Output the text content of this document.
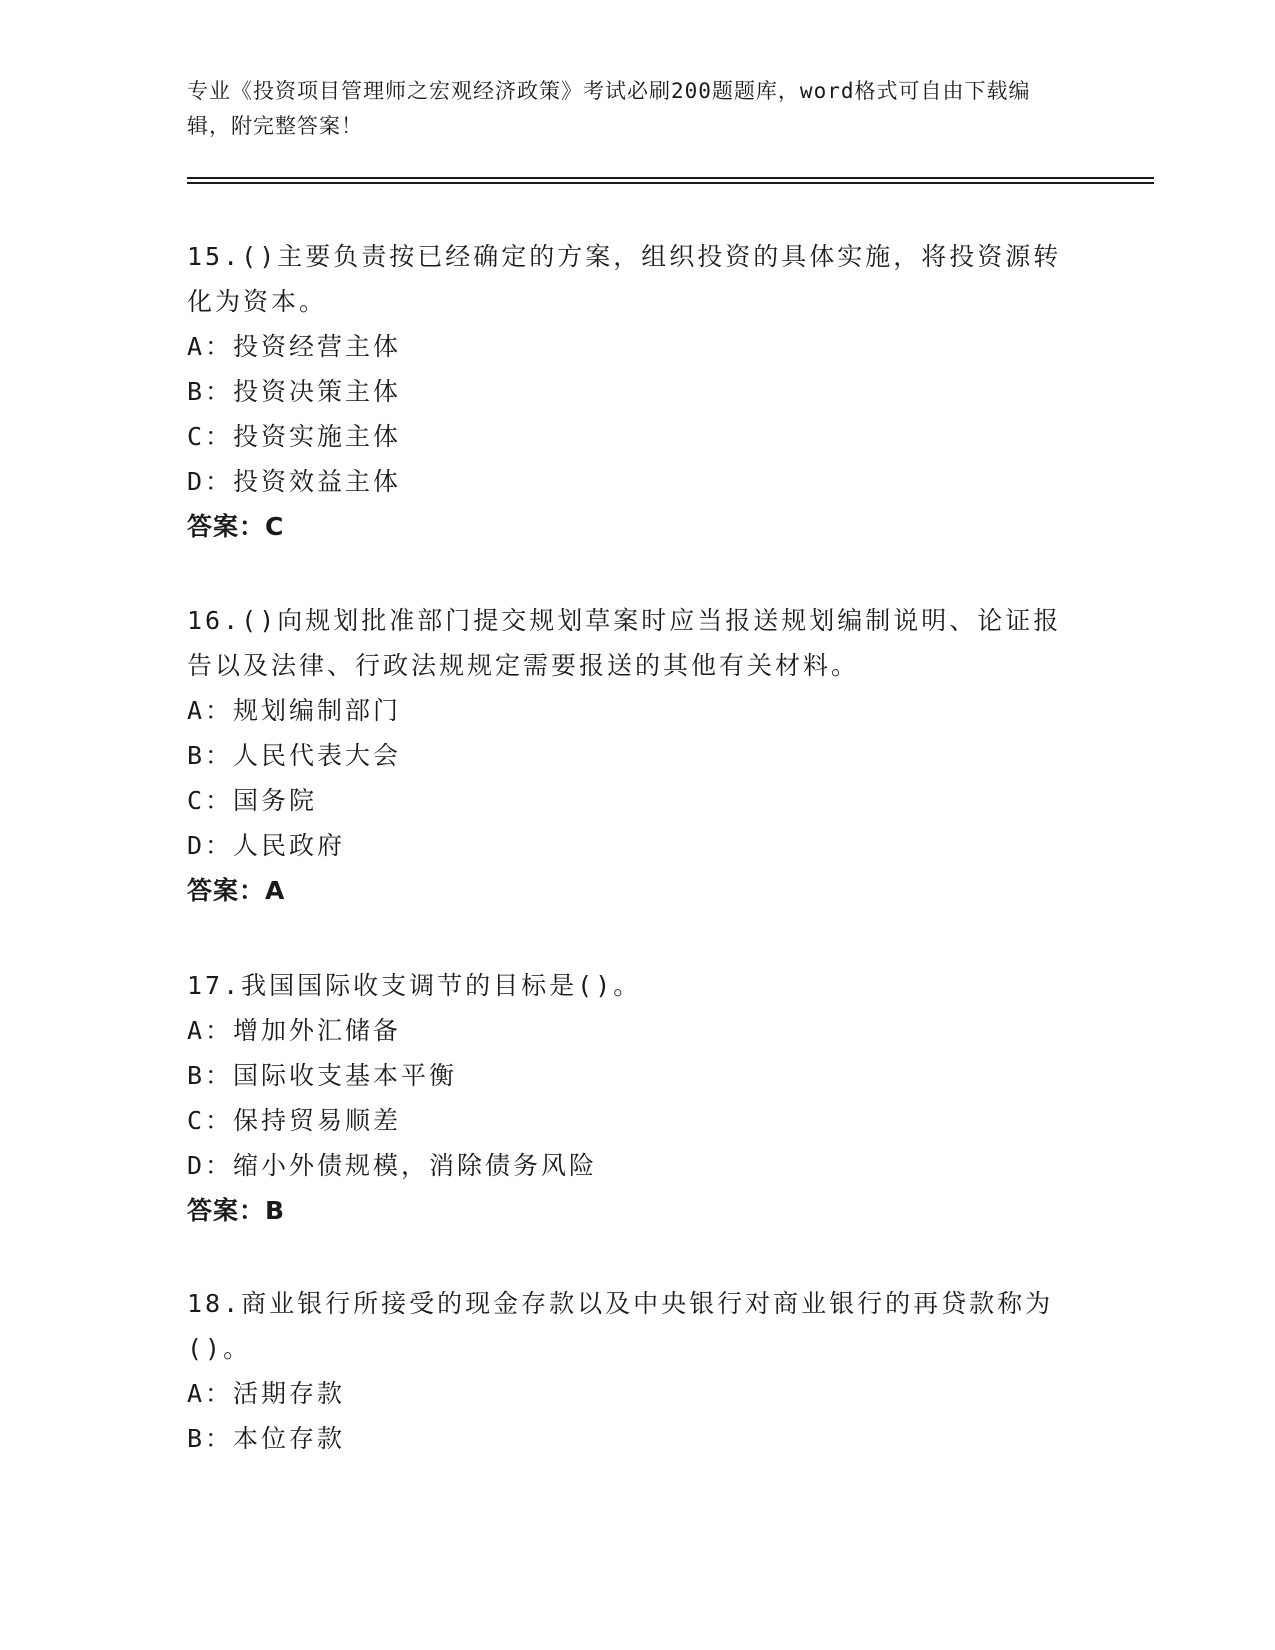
专业《投资项目管理师之宏观经济政策》考试必刷200题题库，word格式可自由下载编辑，附完整答案！

15.()主要负责按已经确定的方案，组织投资的具体实施，将投资源转化为资本。

A：投资经营主体
B：投资决策主体
C：投资实施主体
D：投资效益主体
答案：C

16.()向规划批准部门提交规划草案时应当报送规划编制说明、论证报告以及法律、行政法规规定需要报送的其他有关材料。

A：规划编制部门
B：人民代表大会
C：国务院
D：人民政府
答案：A

17.我国国际收支调节的目标是()。

A：增加外汇储备
B：国际收支基本平衡
C：保持贸易顺差
D：缩小外债规模，消除债务风险
答案：B

18.商业银行所接受的现金存款以及中央银行对商业银行的再贷款称为()。

A：活期存款
B：本位存款
